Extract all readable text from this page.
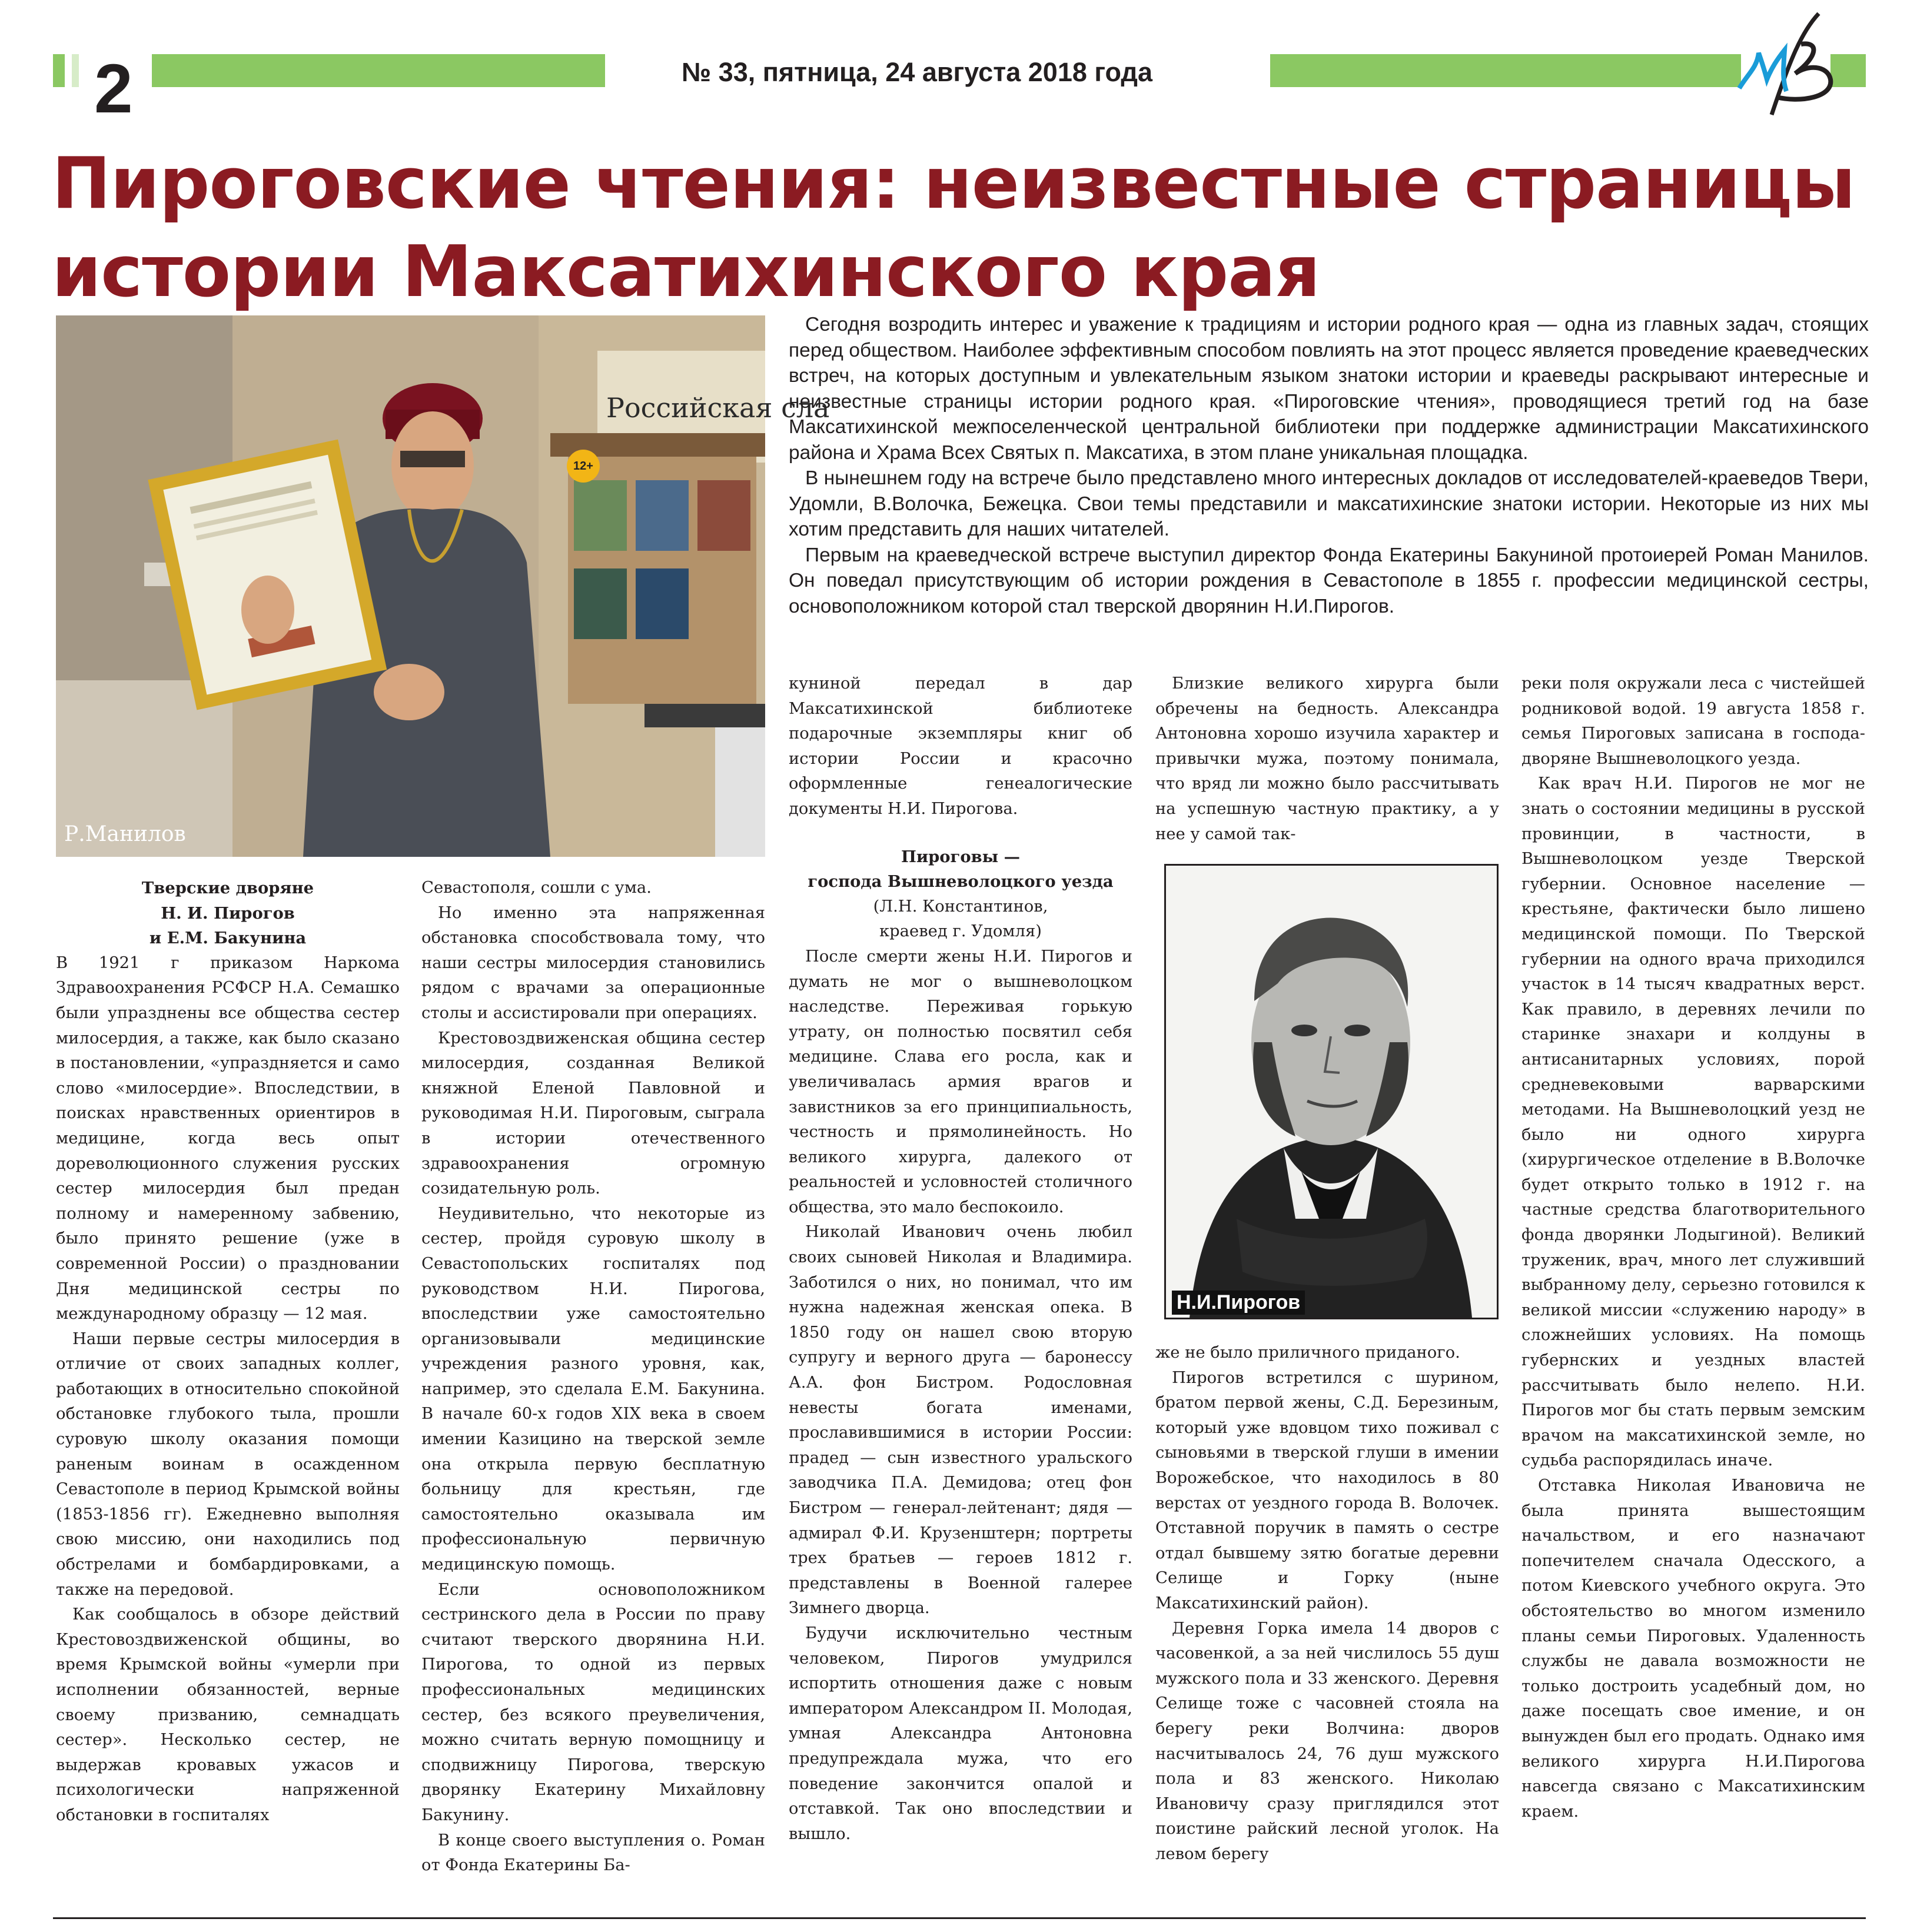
2	№ 33, пятница, 24 августа 2018 года
Пироговские чтения: неизвестные страницы
истории Максатихинского края
Российская сла
12+
Р.Манилов

Сегодня возродить интерес и уважение к традициям и истории родного края — одна из главных задач, стоящих перед обществом. Наиболее эффективным способом повлиять на этот процесс является проведение краеведческих встреч, на которых доступным и увлекательным языком знатоки истории и краеведы раскрывают интересные и неизвестные страницы истории родного края. «Пироговские чтения», проводящиеся третий год на базе Максатихинской межпоселенческой центральной библиотеки при поддержке администрации Максатихинского района и Храма Всех Святых п. Максатиха, в этом плане уникальная площадка.

В нынешнем году на встрече было представлено много интересных докладов от исследователей-краеведов Твери, Удомли, В.Волочка, Бежецка. Свои темы представили и максатихинские знатоки истории. Некоторые из них мы хотим представить для наших читателей.

Первым на краеведческой встрече выступил директор Фонда Екатерины Бакуниной протоиерей Роман Манилов. Он поведал присутствующим об истории рождения в Севастополе в 1855 г. профессии медицинской сестры, основоположником которой стал тверской дворянин Н.И.Пирогов.

Тверские дворяне

Н. И. Пирогов

и Е.М. Бакунина

В 1921 г приказом Наркома Здравоохранения РСФСР Н.А. Семашко были упразднены все общества сестер милосердия, а также, как было сказано в постановлении, «упраздняется и само слово «милосердие». Впоследствии, в поисках нравственных ориентиров в медицине, когда весь опыт дореволюционного служения русских сестер милосердия был предан полному и намеренному забвению, было принято решение (уже в современной России) о праздновании Дня медицинской сестры по международному образцу — 12 мая.

Наши первые сестры милосердия в отличие от своих западных коллег, работающих в относительно спокойной обстановке глубокого тыла, прошли суровую школу оказания помощи раненым воинам в осажденном Севастополе в период Крымской войны (1853-1856 гг). Ежедневно выполняя свою миссию, они находились под обстрелами и бомбардировками, а также на передовой.

Как сообщалось в обзоре действий Крестовоздвиженской общины, во время Крымской войны «умерли при исполнении обязанностей, верные своему призванию, семнадцать сестер». Несколько сестер, не выдержав кровавых ужасов и психологически напряженной обстановки в госпиталях

Севастополя, сошли с ума.

Но именно эта напряженная обстановка способствовала тому, что наши сестры милосердия становились рядом с врачами за операционные столы и ассистировали при операциях.

Крестовоздвиженская община сестер милосердия, созданная Великой княжной Еленой Павловной и руководимая Н.И. Пироговым, сыграла в истории отечественного здравоохранения огромную созидательную роль.

Неудивительно, что некоторые из сестер, пройдя суровую школу в Севастопольских госпиталях под руководством Н.И. Пирогова, впоследствии уже самостоятельно организовывали медицинские учреждения разного уровня, как, например, это сделала Е.М. Бакунина. В начале 60-х годов XIX века в своем имении Казицино на тверской земле она открыла первую бесплатную больницу для крестьян, где самостоятельно оказывала им профессиональную первичную медицинскую помощь.

Если основоположником сестринского дела в России по праву считают тверского дворянина Н.И. Пирогова, то одной из первых профессиональных медицинских сестер, без всякого преувеличения, можно считать верную помощницу и сподвижницу Пирогова, тверскую дворянку Екатерину Михайловну Бакунину.

В конце своего выступления о. Роман от Фонда Екатерины Ба-

куниной передал в дар Максатихинской библиотеке подарочные экземпляры книг об истории России и красочно оформленные генеалогические документы Н.И. Пирогова.

Пироговы —

господа Вышневолоцкого уезда

(Л.Н. Константинов,

краевед г. Удомля)

После смерти жены Н.И. Пирогов и думать не мог о вышневолоцком наследстве. Переживая горькую утрату, он полностью посвятил себя медицине. Слава его росла, как и увеличивалась армия врагов и завистников за его принципиальность, честность и прямолинейность. Но великого хирурга, далекого от реальностей и условностей столичного общества, это мало беспокоило.

Николай Иванович очень любил своих сыновей Николая и Владимира. Заботился о них, но понимал, что им нужна надежная женская опека. В 1850 году он нашел свою вторую супругу и верного друга — баронессу А.А. фон Бистром. Родословная невесты богата именами, прославившимися в истории России: прадед — сын известного уральского заводчика П.А. Демидова; отец фон Бистром — генерал-лейтенант; дядя — адмирал Ф.И. Крузенштерн; портреты трех братьев — героев 1812 г. представлены в Военной галерее Зимнего дворца.

Будучи исключительно честным человеком, Пирогов умудрился испортить отношения даже с новым императором Александром II. Молодая, умная Александра Антоновна предупреждала мужа, что его поведение закончится опалой и отставкой. Так оно впоследствии и вышло.

Близкие великого хирурга были обречены на бедность. Александра Антоновна хорошо изучила характер и привычки мужа, поэтому понимала, что вряд ли можно было рассчитывать на успешную частную практику, а у нее у самой так-

Н.И.Пирогов

же не было приличного приданого.

Пирогов встретился с шурином, братом первой жены, С.Д. Березиным, который уже вдовцом тихо поживал с сыновьями в тверской глуши в имении Ворожебское, что находилось в 80 верстах от уездного города В. Волочек. Отставной поручик в память о сестре отдал бывшему зятю богатые деревни Селище и Горку (ныне Максатихинский район).

Деревня Горка имела 14 дворов с часовенкой, а за ней числилось 55 душ мужского пола и 33 женского. Деревня Селище тоже с часовней стояла на берегу реки Волчина: дворов насчитывалось 24, 76 душ мужского пола и 83 женского. Николаю Ивановичу сразу приглядился этот поистине райский лесной уголок. На левом берегу

реки поля окружали леса с чистейшей родниковой водой. 19 августа 1858 г. семья Пироговых записана в господа-дворяне Вышневолоцкого уезда.

Как врач Н.И. Пирогов не мог не знать о состоянии медицины в русской провинции, в частности, в Вышневолоцком уезде Тверской губернии. Основное население — крестьяне, фактически было лишено медицинской помощи. По Тверской губернии на одного врача приходился участок в 14 тысяч квадратных верст. Как правило, в деревнях лечили по старинке знахари и колдуны в антисанитарных условиях, порой средневековыми варварскими методами. На Вышневолоцкий уезд не было ни одного хирурга (хирургическое отделение в В.Волочке будет открыто только в 1912 г. на частные средства благотворительного фонда дворянки Лодыгиной). Великий труженик, врач, много лет служивший выбранному делу, серьезно готовился к великой миссии «служению народу» в сложнейших условиях. На помощь губернских и уездных властей рассчитывать было нелепо. Н.И. Пирогов мог бы стать первым земским врачом на максатихинской земле, но судьба распорядилась иначе.

Отставка Николая Ивановича не была принята вышестоящим начальством, и его назначают попечителем сначала Одесского, а потом Киевского учебного округа. Это обстоятельство во многом изменило планы семьи Пироговых. Удаленность службы не давала возможности не только достроить усадебный дом, но даже посещать свое имение, и он вынужден был его продать. Однако имя великого хирурга Н.И.Пирогова навсегда связано с Максатихинским краем.
